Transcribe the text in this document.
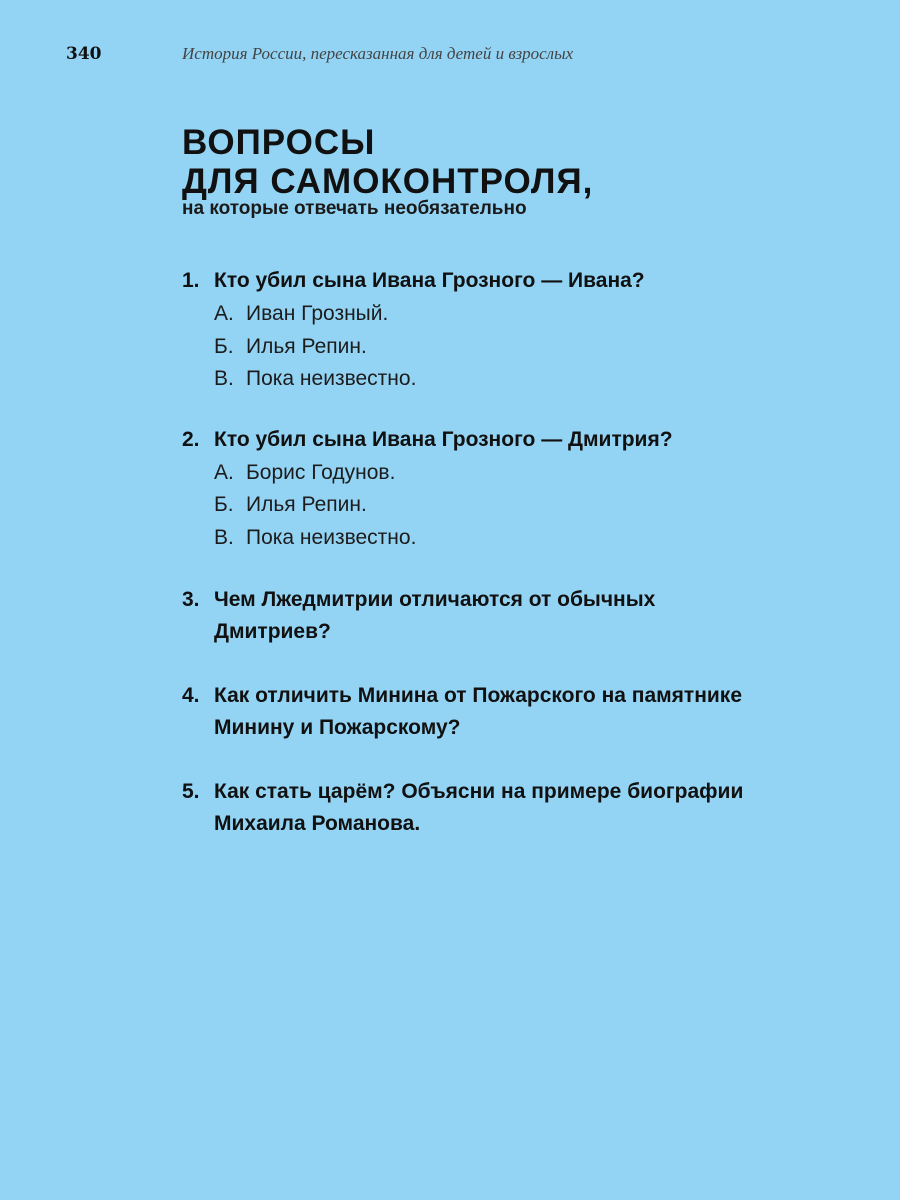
340	История России, пересказанная для детей и взрослых
ВОПРОСЫ
ДЛЯ САМОКОНТРОЛЯ,
на которые отвечать необязательно
1. Кто убил сына Ивана Грозного — Ивана?
А. Иван Грозный.
Б. Илья Репин.
В. Пока неизвестно.
2. Кто убил сына Ивана Грозного — Дмитрия?
А. Борис Годунов.
Б. Илья Репин.
В. Пока неизвестно.
3. Чем Лжедмитрии отличаются от обычных Дмитриев?
4. Как отличить Минина от Пожарского на памятнике Минину и Пожарскому?
5. Как стать царём? Объясни на примере биографии Михаила Романова.
